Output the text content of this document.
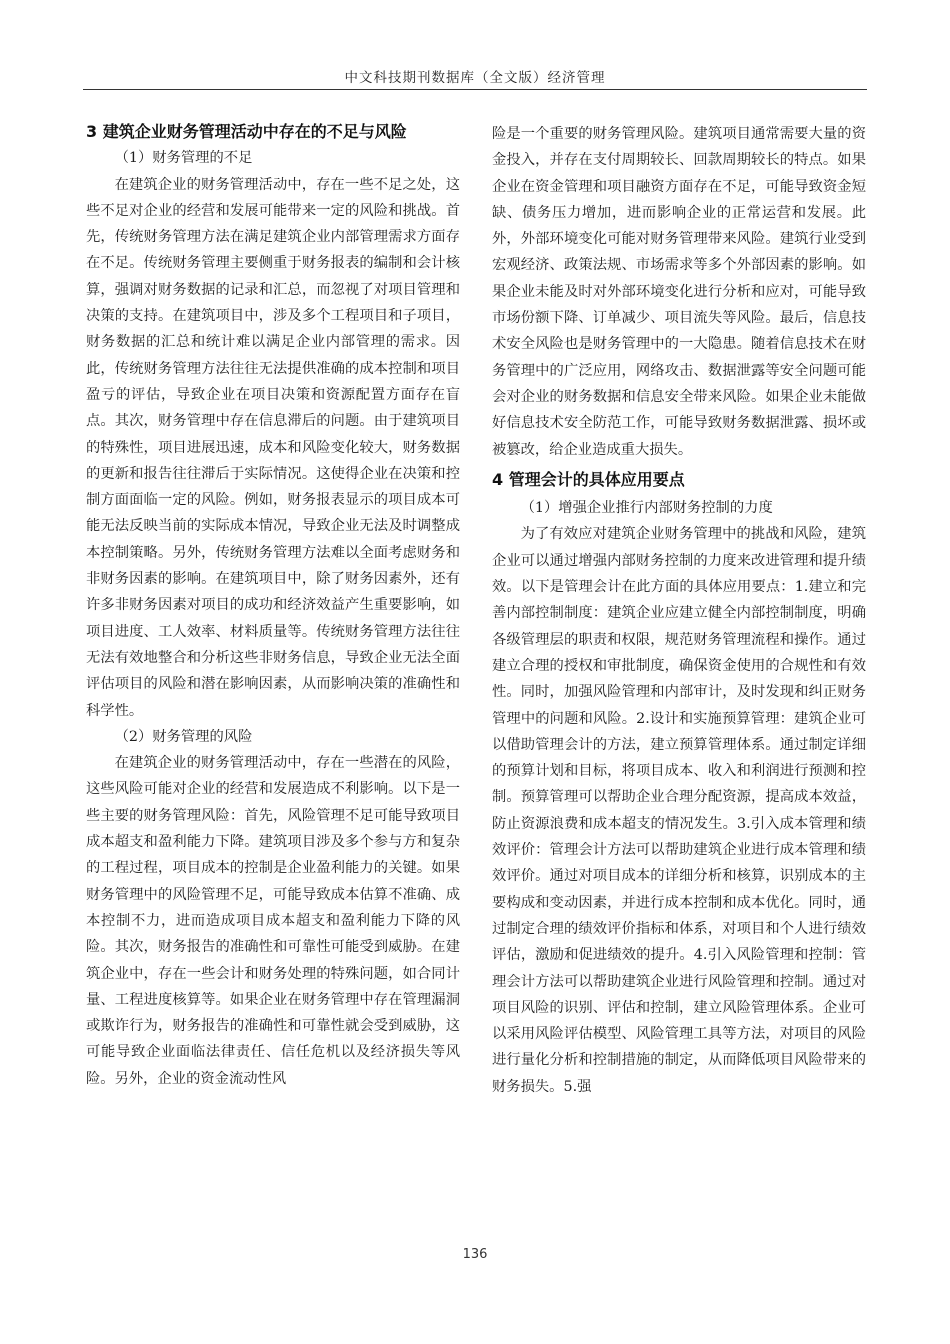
中文科技期刊数据库（全文版）经济管理
3 建筑企业财务管理活动中存在的不足与风险
（1）财务管理的不足

在建筑企业的财务管理活动中，存在一些不足之处，这些不足对企业的经营和发展可能带来一定的风险和挑战。首先，传统财务管理方法在满足建筑企业内部管理需求方面存在不足。传统财务管理主要侧重于财务报表的编制和会计核算，强调对财务数据的记录和汇总，而忽视了对项目管理和决策的支持。在建筑项目中，涉及多个工程项目和子项目，财务数据的汇总和统计难以满足企业内部管理的需求。因此，传统财务管理方法往往无法提供准确的成本控制和项目盈亏的评估，导致企业在项目决策和资源配置方面存在盲点。其次，财务管理中存在信息滞后的问题。由于建筑项目的特殊性，项目进展迅速，成本和风险变化较大，财务数据的更新和报告往往滞后于实际情况。这使得企业在决策和控制方面面临一定的风险。例如，财务报表显示的项目成本可能无法反映当前的实际成本情况，导致企业无法及时调整成本控制策略。另外，传统财务管理方法难以全面考虑财务和非财务因素的影响。在建筑项目中，除了财务因素外，还有许多非财务因素对项目的成功和经济效益产生重要影响，如项目进度、工人效率、材料质量等。传统财务管理方法往往无法有效地整合和分析这些非财务信息，导致企业无法全面评估项目的风险和潜在影响因素，从而影响决策的准确性和科学性。

（2）财务管理的风险

在建筑企业的财务管理活动中，存在一些潜在的风险，这些风险可能对企业的经营和发展造成不利影响。以下是一些主要的财务管理风险：首先，风险管理不足可能导致项目成本超支和盈利能力下降。建筑项目涉及多个参与方和复杂的工程过程，项目成本的控制是企业盈利能力的关键。如果财务管理中的风险管理不足，可能导致成本估算不准确、成本控制不力，进而造成项目成本超支和盈利能力下降的风险。其次，财务报告的准确性和可靠性可能受到威胁。在建筑企业中，存在一些会计和财务处理的特殊问题，如合同计量、工程进度核算等。如果企业在财务管理中存在管理漏洞或欺诈行为，财务报告的准确性和可靠性就会受到威胁，这可能导致企业面临法律责任、信任危机以及经济损失等风险。另外，企业的资金流动性风

险是一个重要的财务管理风险。建筑项目通常需要大量的资金投入，并存在支付周期较长、回款周期较长的特点。如果企业在资金管理和项目融资方面存在不足，可能导致资金短缺、债务压力增加，进而影响企业的正常运营和发展。此外，外部环境变化可能对财务管理带来风险。建筑行业受到宏观经济、政策法规、市场需求等多个外部因素的影响。如果企业未能及时对外部环境变化进行分析和应对，可能导致市场份额下降、订单减少、项目流失等风险。最后，信息技术安全风险也是财务管理中的一大隐患。随着信息技术在财务管理中的广泛应用，网络攻击、数据泄露等安全问题可能会对企业的财务数据和信息安全带来风险。如果企业未能做好信息技术安全防范工作，可能导致财务数据泄露、损坏或被篡改，给企业造成重大损失。

4 管理会计的具体应用要点
（1）增强企业推行内部财务控制的力度

为了有效应对建筑企业财务管理中的挑战和风险，建筑企业可以通过增强内部财务控制的力度来改进管理和提升绩效。以下是管理会计在此方面的具体应用要点：1.建立和完善内部控制制度：建筑企业应建立健全内部控制制度，明确各级管理层的职责和权限，规范财务管理流程和操作。通过建立合理的授权和审批制度，确保资金使用的合规性和有效性。同时，加强风险管理和内部审计，及时发现和纠正财务管理中的问题和风险。2.设计和实施预算管理：建筑企业可以借助管理会计的方法，建立预算管理体系。通过制定详细的预算计划和目标，将项目成本、收入和利润进行预测和控制。预算管理可以帮助企业合理分配资源，提高成本效益，防止资源浪费和成本超支的情况发生。3.引入成本管理和绩效评价：管理会计方法可以帮助建筑企业进行成本管理和绩效评价。通过对项目成本的详细分析和核算，识别成本的主要构成和变动因素，并进行成本控制和成本优化。同时，通过制定合理的绩效评价指标和体系，对项目和个人进行绩效评估，激励和促进绩效的提升。4.引入风险管理和控制：管理会计方法可以帮助建筑企业进行风险管理和控制。通过对项目风险的识别、评估和控制，建立风险管理体系。企业可以采用风险评估模型、风险管理工具等方法，对项目的风险进行量化分析和控制措施的制定，从而降低项目风险带来的财务损失。5.强

136
